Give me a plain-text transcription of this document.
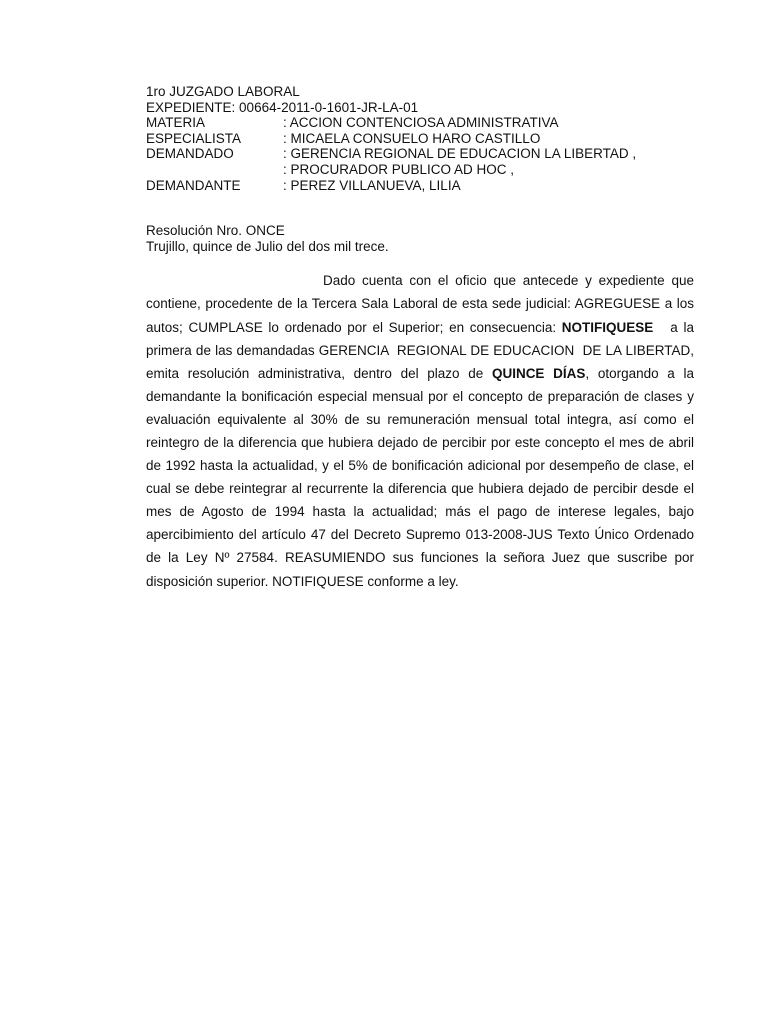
1ro JUZGADO LABORAL
EXPEDIENTE: 00664-2011-0-1601-JR-LA-01
MATERIA	: ACCION CONTENCIOSA ADMINISTRATIVA
ESPECIALISTA	: MICAELA CONSUELO HARO CASTILLO
DEMANDADO	: GERENCIA REGIONAL DE EDUCACION LA LIBERTAD ,
: PROCURADOR PUBLICO AD HOC ,
DEMANDANTE	: PEREZ VILLANUEVA, LILIA
Resolución Nro. ONCE
Trujillo, quince de Julio del dos mil trece.

Dado cuenta con el oficio que antecede y expediente que contiene, procedente de la Tercera Sala Laboral de esta sede judicial: AGREGUESE a los autos; CUMPLASE lo ordenado por el Superior; en consecuencia: NOTIFIQUESE   a la primera de las demandadas GERENCIA  REGIONAL DE EDUCACION  DE LA LIBERTAD, emita resolución administrativa, dentro del plazo de QUINCE DÍAS, otorgando a la demandante la bonificación especial mensual por el concepto de preparación de clases y evaluación equivalente al 30% de su remuneración mensual total integra, así como el reintegro de la diferencia que hubiera dejado de percibir por este concepto el mes de abril de 1992 hasta la actualidad, y el 5% de bonificación adicional por desempeño de clase, el cual se debe reintegrar al recurrente la diferencia que hubiera dejado de percibir desde el mes de Agosto de 1994 hasta la actualidad; más el pago de interese legales, bajo apercibimiento del artículo 47 del Decreto Supremo 013-2008-JUS Texto Único Ordenado de la Ley Nº 27584. REASUMIENDO sus funciones la señora Juez que suscribe por disposición superior. NOTIFIQUESE conforme a ley.
